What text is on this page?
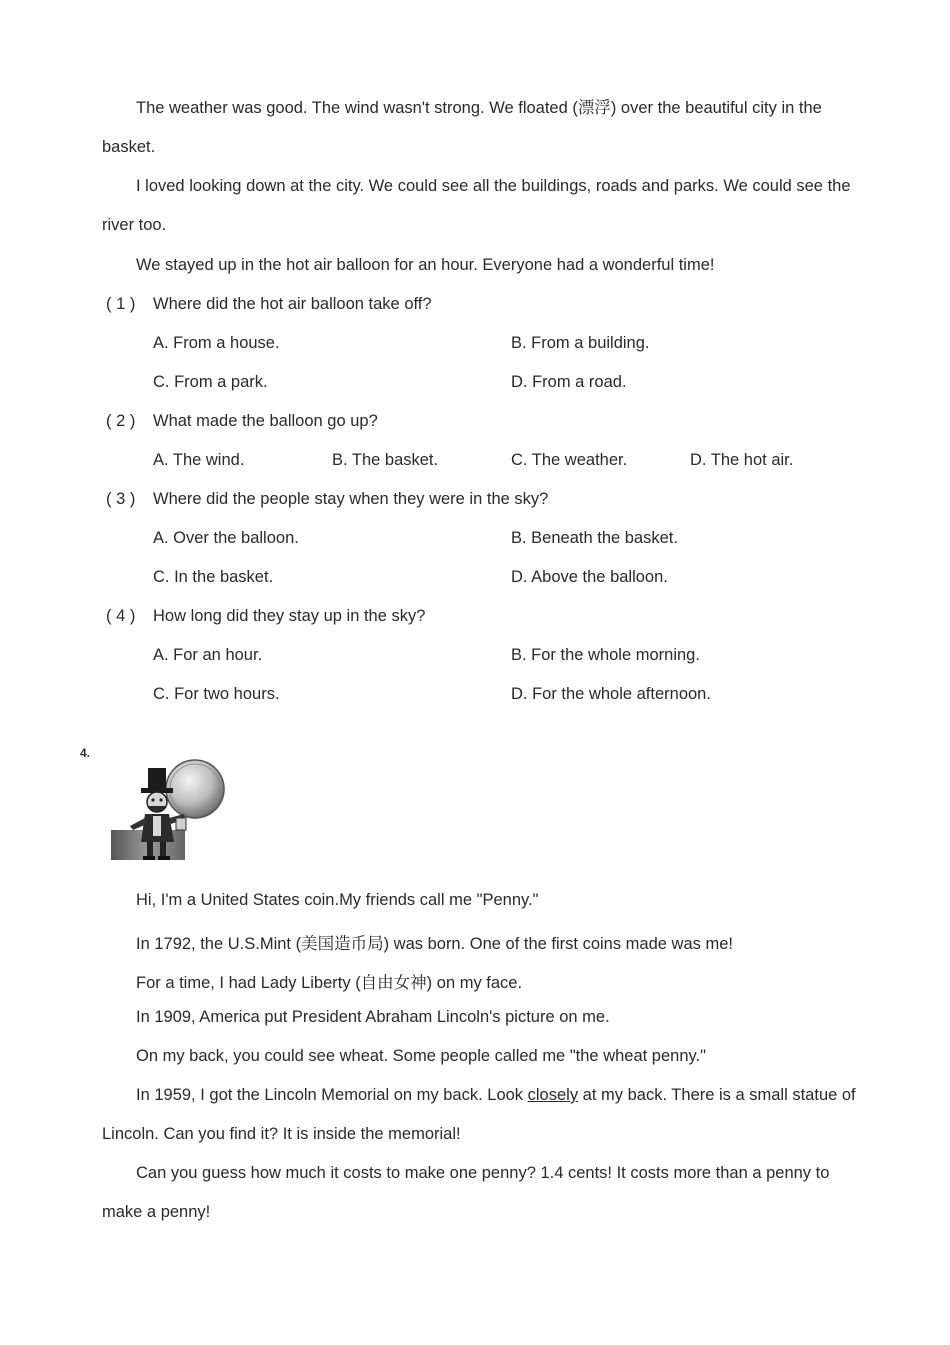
The weather was good. The wind wasn't strong. We floated (漂浮) over the beautiful city in the basket.

I loved looking down at the city. We could see all the buildings, roads and parks. We could see the river too.

We stayed up in the hot air balloon for an hour. Everyone had a wonderful time!
( 1 ) Where did the hot air balloon take off?
A. From a house.	B. From a building.
C. From a park.	D. From a road.
( 2 ) What made the balloon go up?
A. The wind.	B. The basket.	C. The weather.	D. The hot air.
( 3 ) Where did the people stay when they were in the sky?
A. Over the balloon.	B. Beneath the basket.
C. In the basket.	D. Above the balloon.
( 4 ) How long did they stay up in the sky?
A. For an hour.	B. For the whole morning.
C. For two hours.	D. For the whole afternoon.
4.
Hi, I'm a United States coin.My friends call me "Penny."
In 1792, the U.S.Mint (美国造币局) was born. One of the first coins made was me!
For a time, I had Lady Liberty (自由女神) on my face.
In 1909, America put President Abraham Lincoln's picture on me.
On my back, you could see wheat. Some people called me "the wheat penny."

In 1959, I got the Lincoln Memorial on my back. Look closely at my back. There is a small statue of Lincoln. Can you find it? It is inside the memorial!

Can you guess how much it costs to make one penny? 1.4 cents! It costs more than a penny to make a penny!
